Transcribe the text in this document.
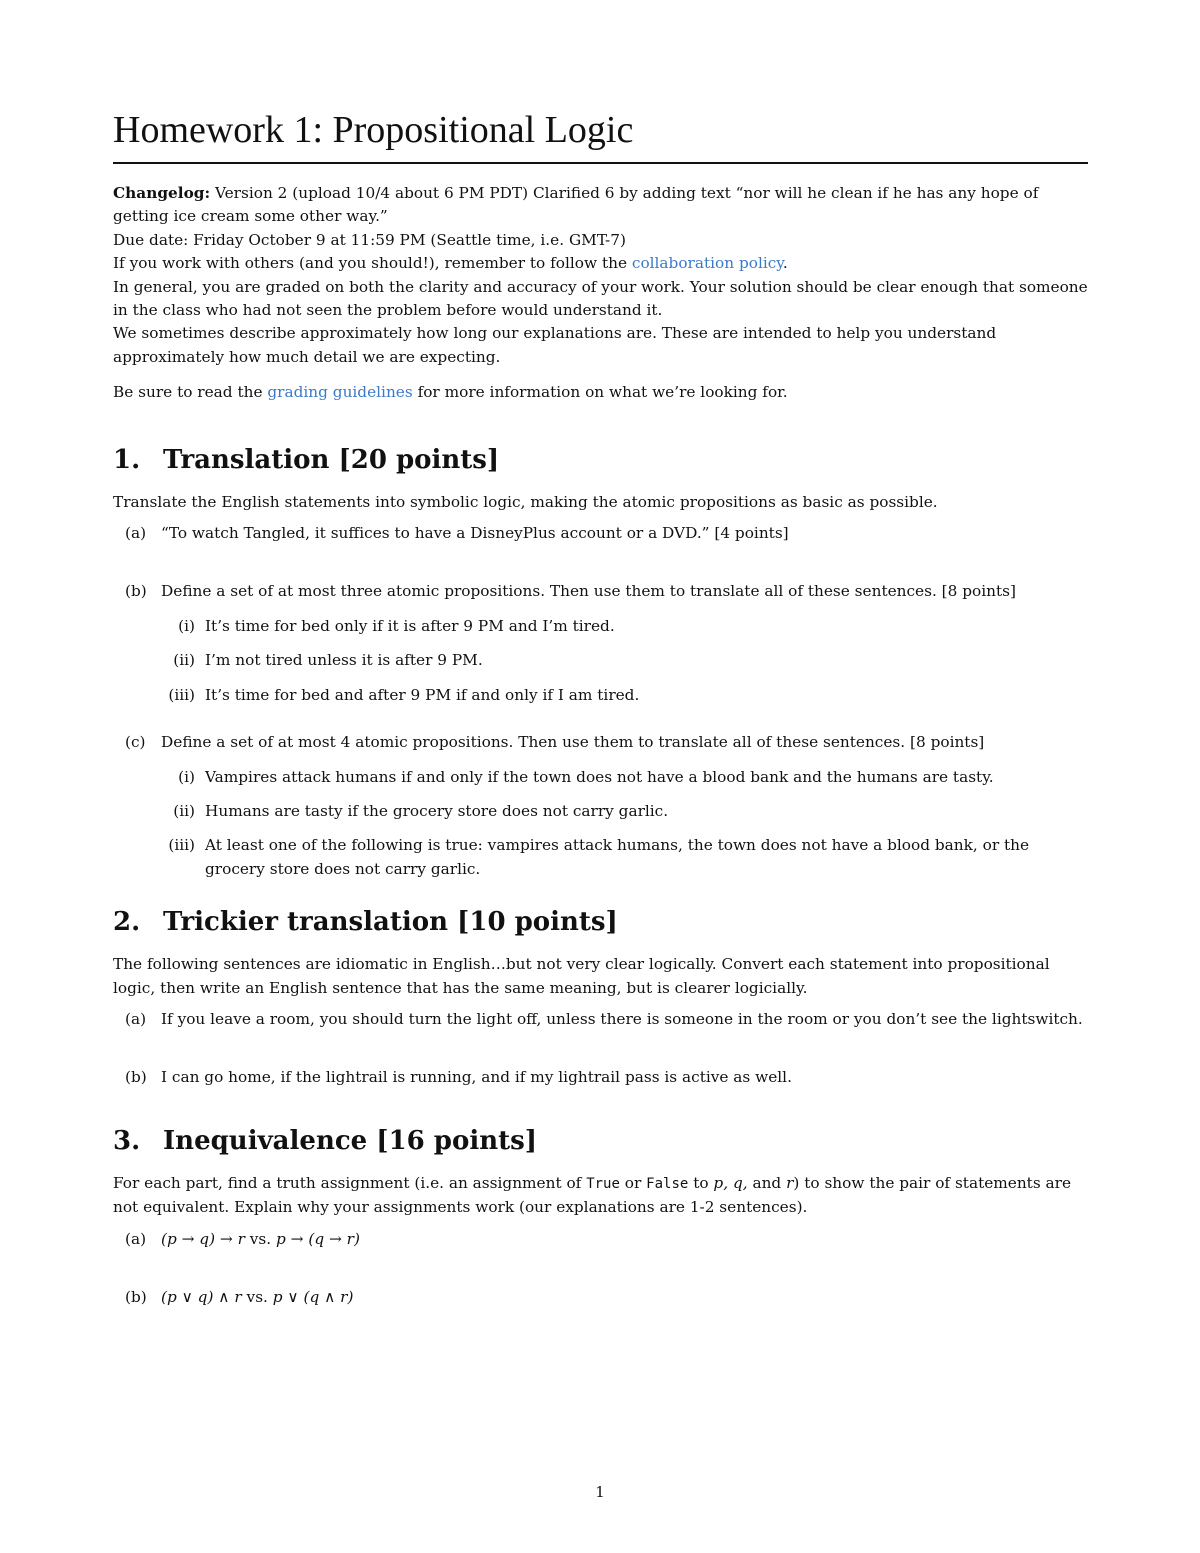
Homework 1: Propositional Logic

Changelog: Version 2 (upload 10/4 about 6 PM PDT) Clarified 6 by adding text “nor will he clean if he has any hope of getting ice cream some other way.”

Due date: Friday October 9 at 11:59 PM (Seattle time, i.e. GMT-7)

If you work with others (and you should!), remember to follow the collaboration policy.

In general, you are graded on both the clarity and accuracy of your work. Your solution should be clear enough that someone in the class who had not seen the problem before would understand it.

We sometimes describe approximately how long our explanations are. These are intended to help you understand approximately how much detail we are expecting.

Be sure to read the grading guidelines for more information on what we’re looking for.

1. Translation [20 points]

Translate the English statements into symbolic logic, making the atomic propositions as basic as possible.

(a) “To watch Tangled, it suffices to have a DisneyPlus account or a DVD.” [4 points]
(b) Define a set of at most three atomic propositions. Then use them to translate all of these sentences. [8 points]
(i) It’s time for bed only if it is after 9 PM and I’m tired.
(ii) I’m not tired unless it is after 9 PM.
(iii) It’s time for bed and after 9 PM if and only if I am tired.
(c) Define a set of at most 4 atomic propositions. Then use them to translate all of these sentences. [8 points]
(i) Vampires attack humans if and only if the town does not have a blood bank and the humans are tasty.
(ii) Humans are tasty if the grocery store does not carry garlic.
(iii) At least one of the following is true: vampires attack humans, the town does not have a blood bank, or the grocery store does not carry garlic.
2. Trickier translation [10 points]

The following sentences are idiomatic in English…but not very clear logically. Convert each statement into propositional logic, then write an English sentence that has the same meaning, but is clearer logicially.

(a) If you leave a room, you should turn the light off, unless there is someone in the room or you don’t see the lightswitch.
(b) I can go home, if the lightrail is running, and if my lightrail pass is active as well.
3. Inequivalence [16 points]

For each part, find a truth assignment (i.e. an assignment of True or False to p, q, and r) to show the pair of statements are not equivalent. Explain why your assignments work (our explanations are 1-2 sentences).

(a) (p → q) → r vs. p → (q → r)
(b) (p ∨ q) ∧ r vs. p ∨ (q ∧ r)
1
